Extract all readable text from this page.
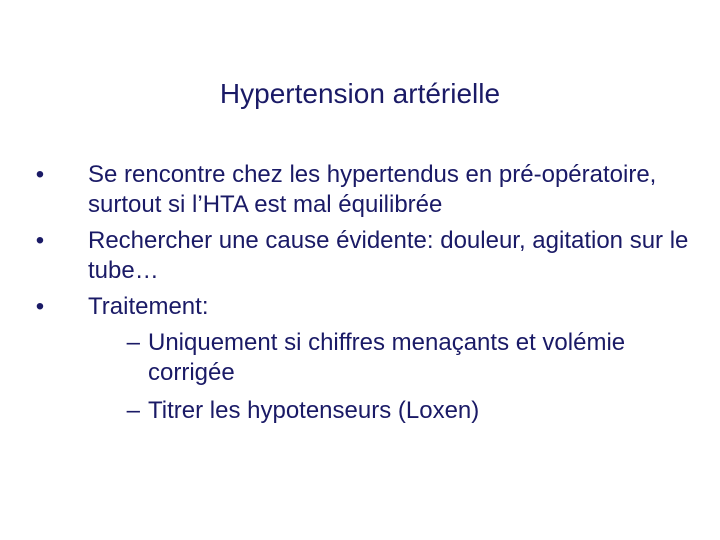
Hypertension artérielle
• Se rencontre chez les hypertendus en pré-opératoire, surtout si l’HTA est mal équilibrée
• Rechercher une cause évidente: douleur, agitation sur le tube…
• Traitement:
– Uniquement si chiffres menaçants et volémie corrigée
– Titrer les hypotenseurs (Loxen)
